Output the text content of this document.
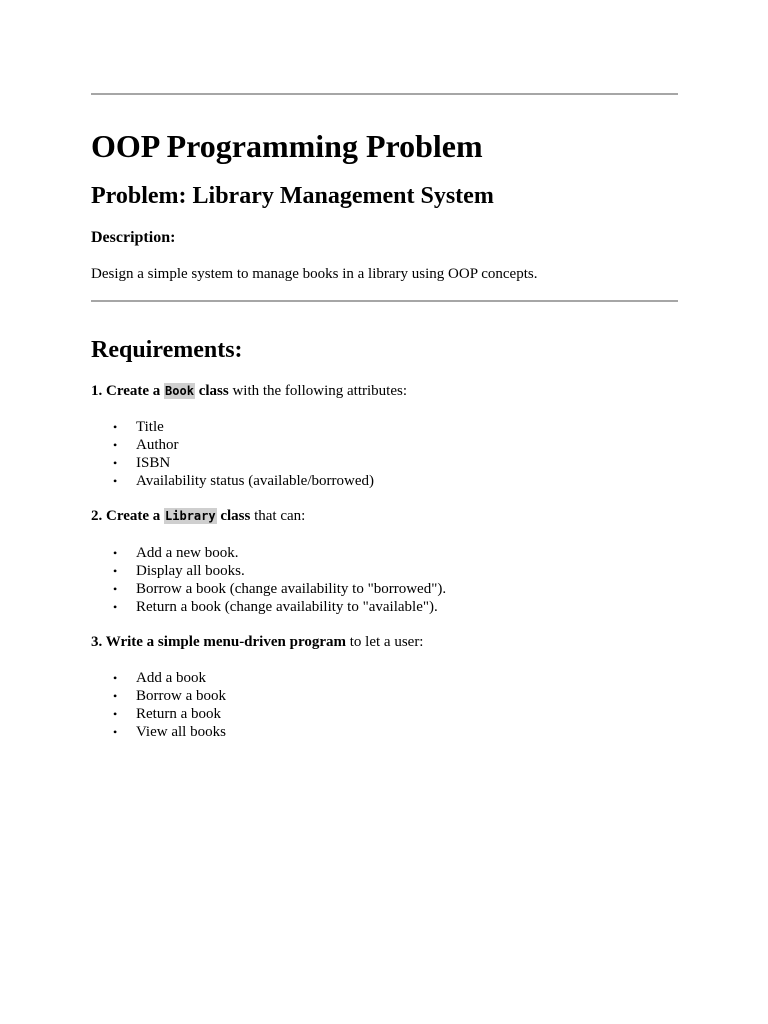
OOP Programming Problem
Problem: Library Management System
Description:

Design a simple system to manage books in a library using OOP concepts.

Requirements:

1. Create a Book class with the following attributes:

• Title
• Author
• ISBN
• Availability status (available/borrowed)

2. Create a Library class that can:

• Add a new book.
• Display all books.
• Borrow a book (change availability to "borrowed").
• Return a book (change availability to "available").

3. Write a simple menu-driven program to let a user:

• Add a book
• Borrow a book
• Return a book
• View all books
